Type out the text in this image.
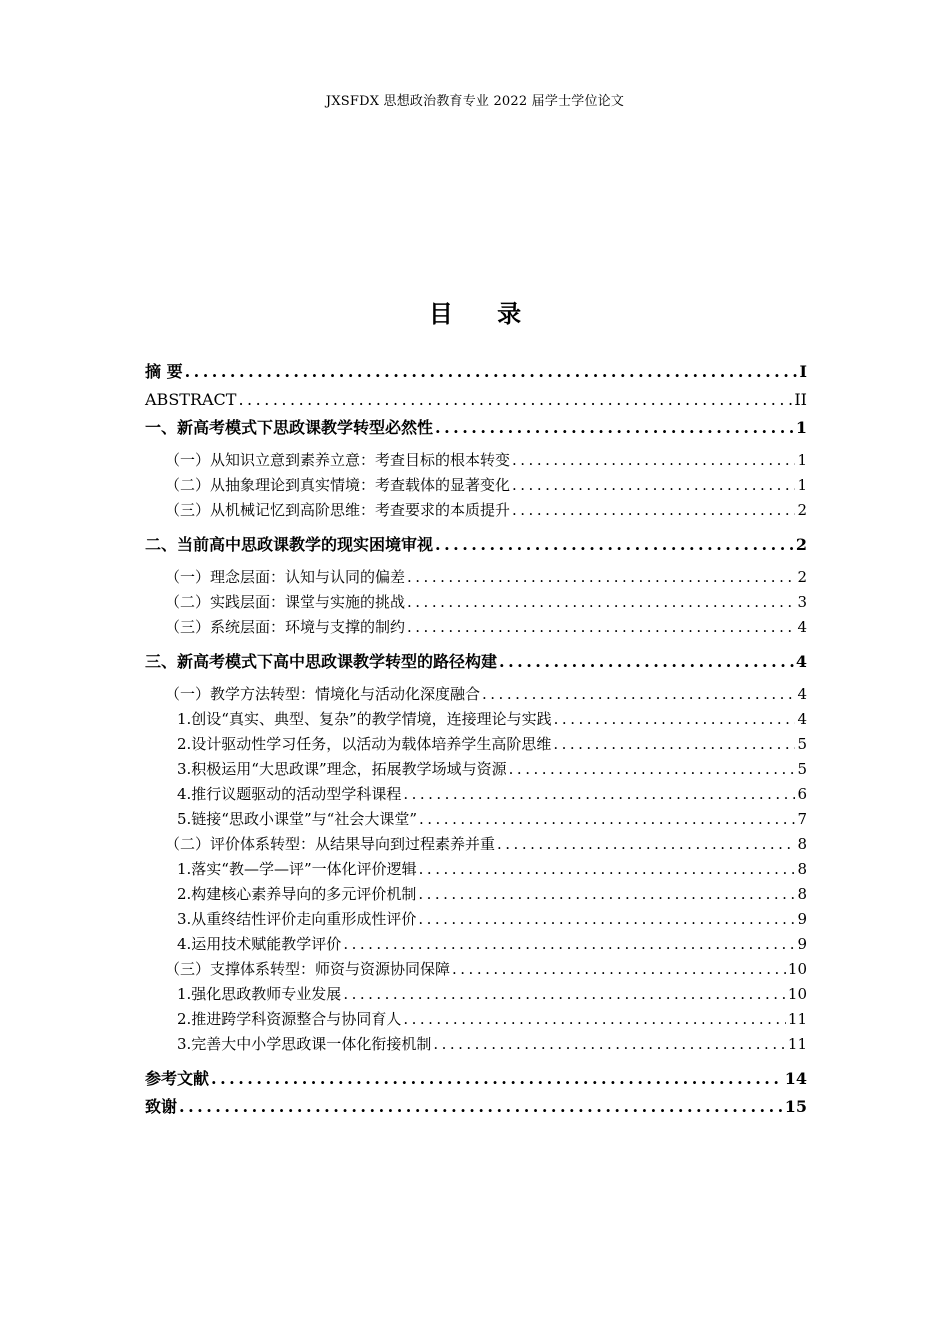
JXSFDX 思想政治教育专业 2022 届学士学位论文
目 录
摘 要 .....	I
ABSTRACT .....	II
一、新高考模式下思政课教学转型必然性 .....	1
（一）从知识立意到素养立意：考查目标的根本转变 .....	1
（二）从抽象理论到真实情境：考查载体的显著变化 .....	1
（三）从机械记忆到高阶思维：考查要求的本质提升 .....	2
二、当前高中思政课教学的现实困境审视 .....	2
（一）理念层面：认知与认同的偏差 .....	2
（二）实践层面：课堂与实施的挑战 .....	3
（三）系统层面：环境与支撑的制约 .....	4
三、新高考模式下高中思政课教学转型的路径构建 .....	4
（一）教学方法转型：情境化与活动化深度融合 .....	4
1.创设“真实、典型、复杂”的教学情境，连接理论与实践 .....	4
2.设计驱动性学习任务，以活动为载体培养学生高阶思维 .....	5
3.积极运用“大思政课”理念，拓展教学场域与资源 .....	5
4.推行议题驱动的活动型学科课程 .....	6
5.链接“思政小课堂”与“社会大课堂” .....	7
（二）评价体系转型：从结果导向到过程素养并重 .....	8
1.落实“教—学—评”一体化评价逻辑 .....	8
2.构建核心素养导向的多元评价机制 .....	8
3.从重终结性评价走向重形成性评价 .....	9
4.运用技术赋能教学评价 .....	9
（三）支撑体系转型：师资与资源协同保障 .....	10
1.强化思政教师专业发展 .....	10
2.推进跨学科资源整合与协同育人 .....	11
3.完善大中小学思政课一体化衔接机制 .....	11
参考文献 .....	14
致谢 .....	15
